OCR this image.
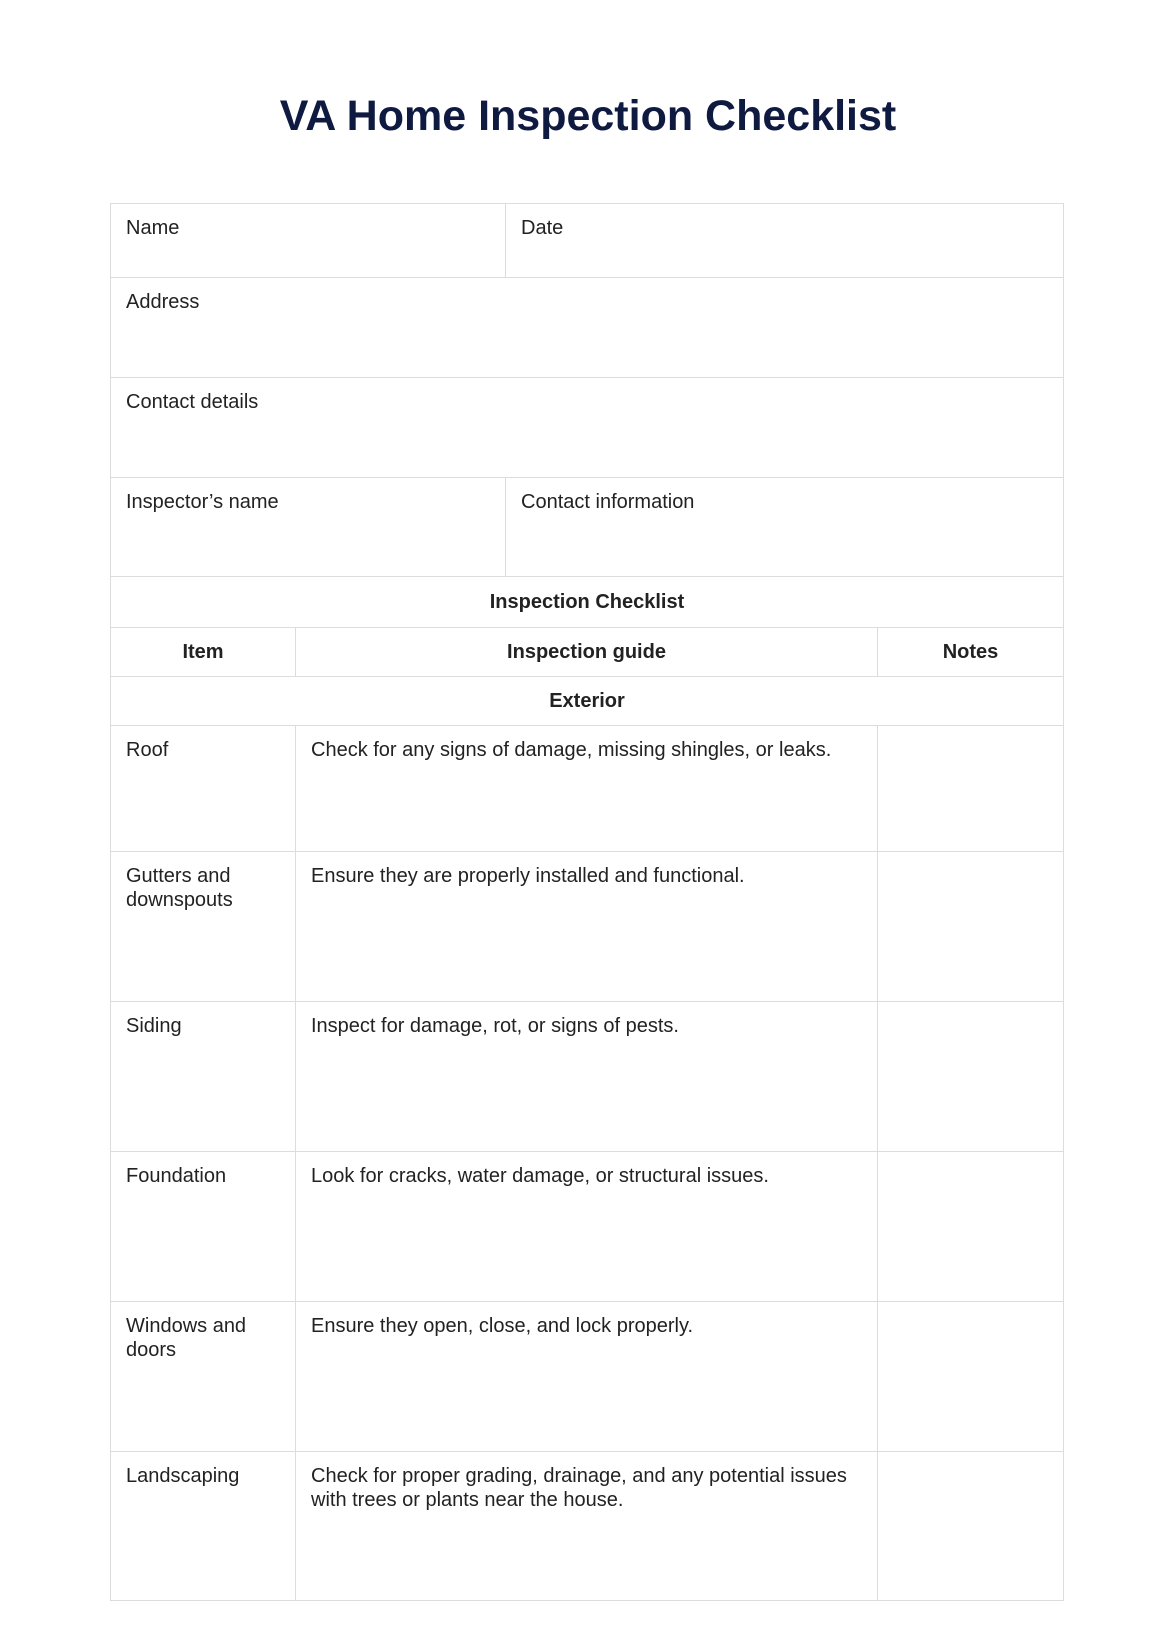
VA Home Inspection Checklist
Name		Date	
Address			
Contact details			
Inspector’s name		Contact information	
Inspection Checklist			
Item	Inspection guide		Notes
Exterior			
Roof	Check for any signs of damage, missing shingles, or leaks.		
Gutters and downspouts	Ensure they are properly installed and functional.		
Siding	Inspect for damage, rot, or signs of pests.		
Foundation	Look for cracks, water damage, or structural issues.		
Windows and doors	Ensure they open, close, and lock properly.		
Landscaping	Check for proper grading, drainage, and any potential issues with trees or plants near the house.		
